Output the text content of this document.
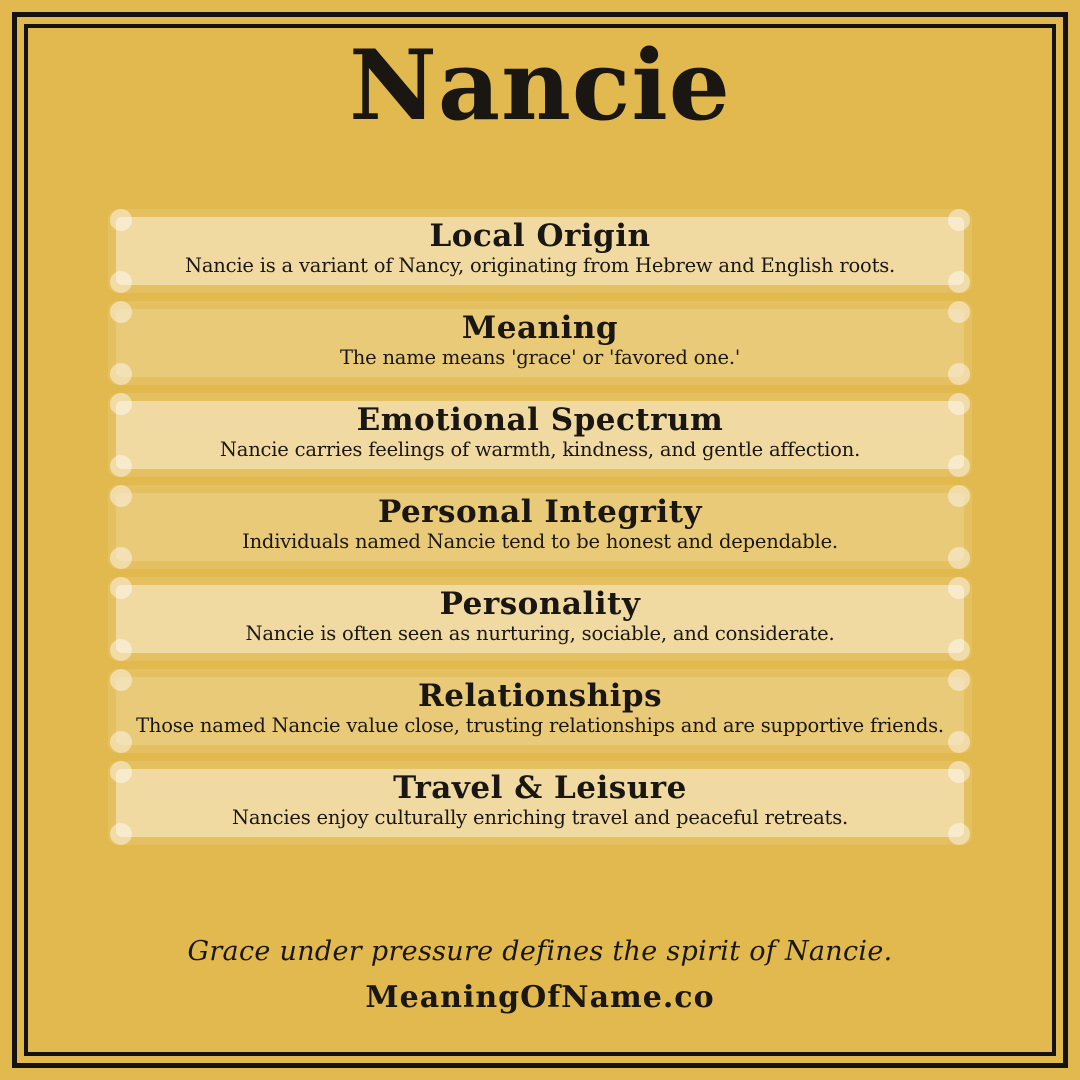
Nancie
Local Origin

Nancie is a variant of Nancy, originating from Hebrew and English roots.

Meaning

The name means 'grace' or 'favored one.'

Emotional Spectrum

Nancie carries feelings of warmth, kindness, and gentle affection.

Personal Integrity

Individuals named Nancie tend to be honest and dependable.

Personality

Nancie is often seen as nurturing, sociable, and considerate.

Relationships

Those named Nancie value close, trusting relationships and are supportive friends.

Travel & Leisure

Nancies enjoy culturally enriching travel and peaceful retreats.

Grace under pressure defines the spirit of Nancie.

MeaningOfName.co
